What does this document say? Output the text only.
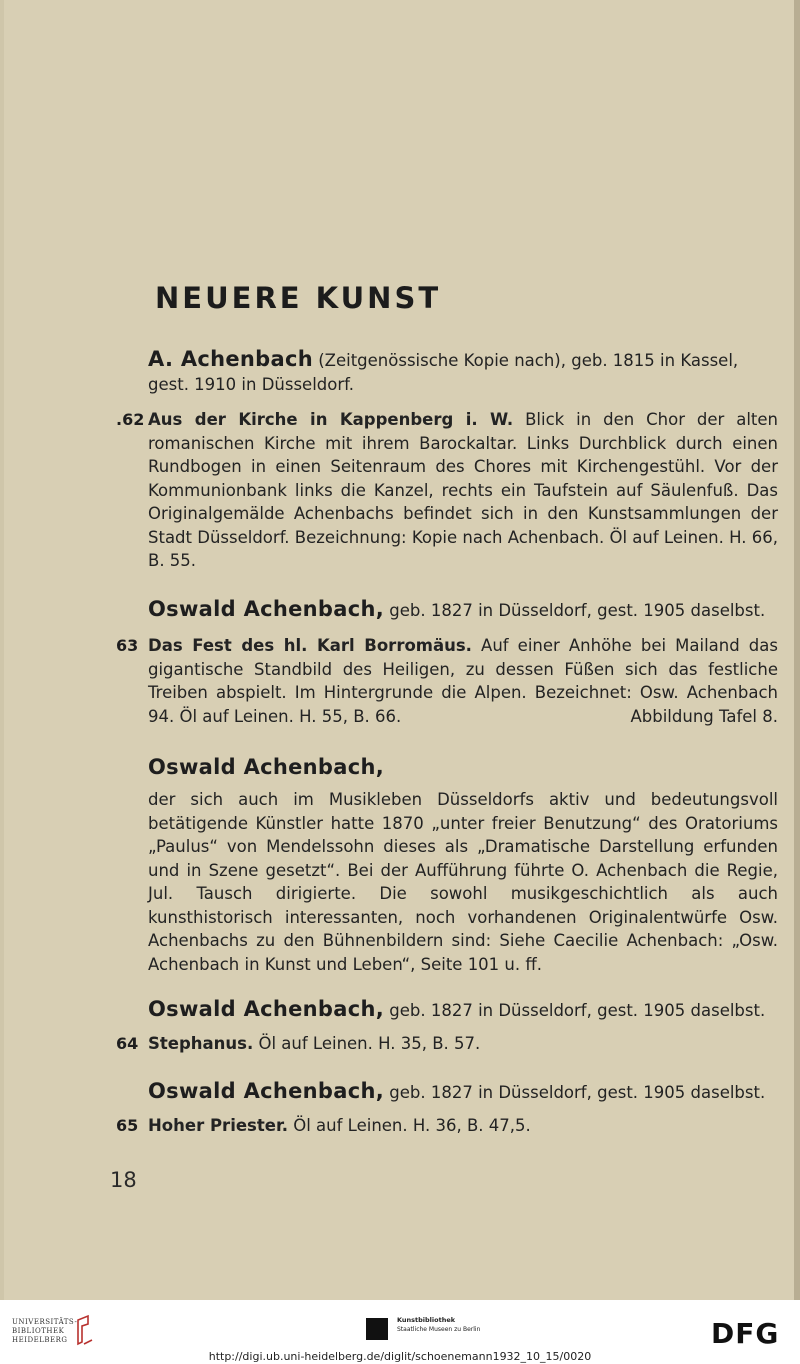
NEUERE KUNST
A. Achenbach (Zeitgenössische Kopie nach), geb. 1815 in Kassel,
gest. 1910 in Düsseldorf.
.62 Aus der Kirche in Kappenberg i. W. Blick in den Chor der alten romanischen Kirche mit ihrem Barockaltar. Links Durchblick durch einen Rundbogen in einen Seitenraum des Chores mit Kirchengestühl. Vor der Kommunionbank links die Kanzel, rechts ein Taufstein auf Säulenfuß. Das Originalgemälde Achenbachs befindet sich in den Kunstsammlungen der Stadt Düsseldorf. Bezeichnung: Kopie nach Achenbach. Öl auf Leinen. H. 66, B. 55.

Oswald Achenbach, geb. 1827 in Düsseldorf, gest. 1905 daselbst.
63 Das Fest des hl. Karl Borromäus. Auf einer Anhöhe bei Mailand das gigantische Standbild des Heiligen, zu dessen Füßen sich das festliche Treiben abspielt. Im Hintergrunde die Alpen. Bezeichnet: Osw. Achenbach 94. Öl auf Leinen. H. 55, B. 66.	Abbildung Tafel 8.

Oswald Achenbach,

der sich auch im Musikleben Düsseldorfs aktiv und bedeutungsvoll betätigende Künstler hatte 1870 „unter freier Benutzung“ des Oratoriums „Paulus“ von Mendelssohn dieses als „Dramatische Darstellung erfunden und in Szene gesetzt“. Bei der Aufführung führte O. Achenbach die Regie, Jul. Tausch dirigierte. Die sowohl musikgeschichtlich als auch kunsthistorisch interessanten, noch vorhandenen Originalentwürfe Osw. Achenbachs zu den Bühnenbildern sind: Siehe Caecilie Achenbach: „Osw. Achenbach in Kunst und Leben“, Seite 101 u. ff.

Oswald Achenbach, geb. 1827 in Düsseldorf, gest. 1905 daselbst.
64 Stephanus. Öl auf Leinen. H. 35, B. 57.

Oswald Achenbach, geb. 1827 in Düsseldorf, gest. 1905 daselbst.
65 Hoher Priester. Öl auf Leinen. H. 36, B. 47,5.

18
UNIVERSITÄTS-BIBLIOTHEK HEIDELBERG
Kunstbibliothek
Staatliche Museen zu Berlin	DFG
http://digi.ub.uni-heidelberg.de/diglit/schoenemann1932_10_15/0020
